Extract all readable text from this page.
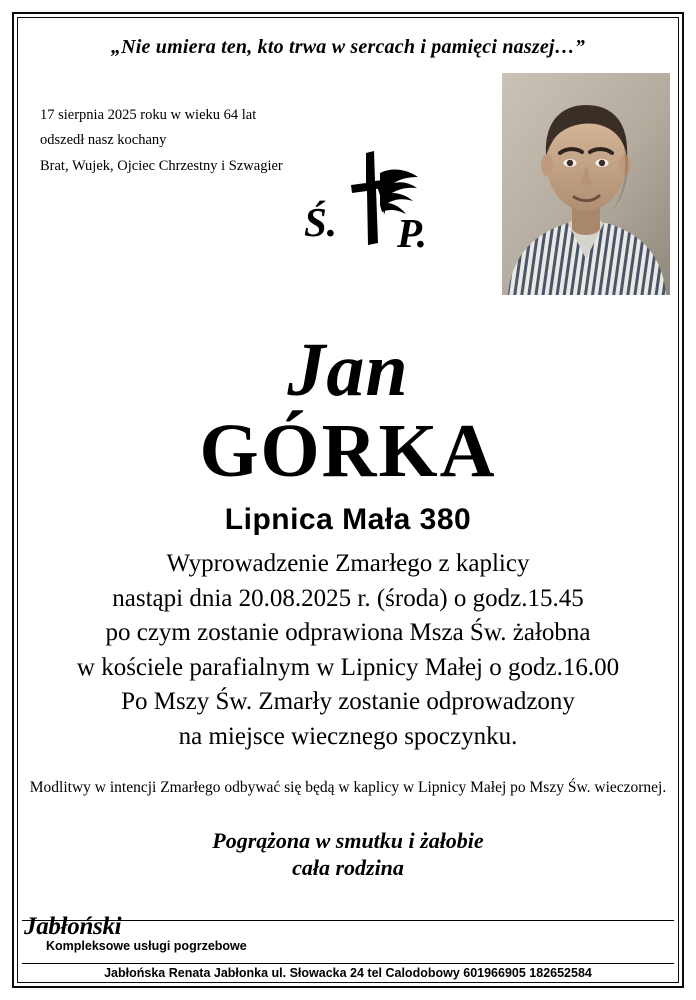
„Nie umiera ten, kto trwa w sercach i pamięci naszej…”
17 sierpnia 2025 roku w wieku 64 lat
odszedł nasz kochany
Brat, Wujek, Ojciec Chrzestny i Szwagier
Ś. P.
Jan
GÓRKA
Lipnica Mała 380
Wyprowadzenie Zmarłego z kaplicy
nastąpi dnia 20.08.2025 r. (środa) o godz.15.45
po czym zostanie odprawiona Msza Św. żałobna
w kościele parafialnym w Lipnicy Małej o godz.16.00
Po Mszy Św. Zmarły zostanie odprowadzony
na miejsce wiecznego spoczynku.
Modlitwy w intencji Zmarłego odbywać się będą w kaplicy w Lipnicy Małej po Mszy Św. wieczornej.
Pogrążona w smutku i żałobie
cała rodzina
Jabłoński
Kompleksowe usługi pogrzebowe
Jabłońska Renata Jabłonka ul. Słowacka 24 tel Calodobowy 601966905 182652584
